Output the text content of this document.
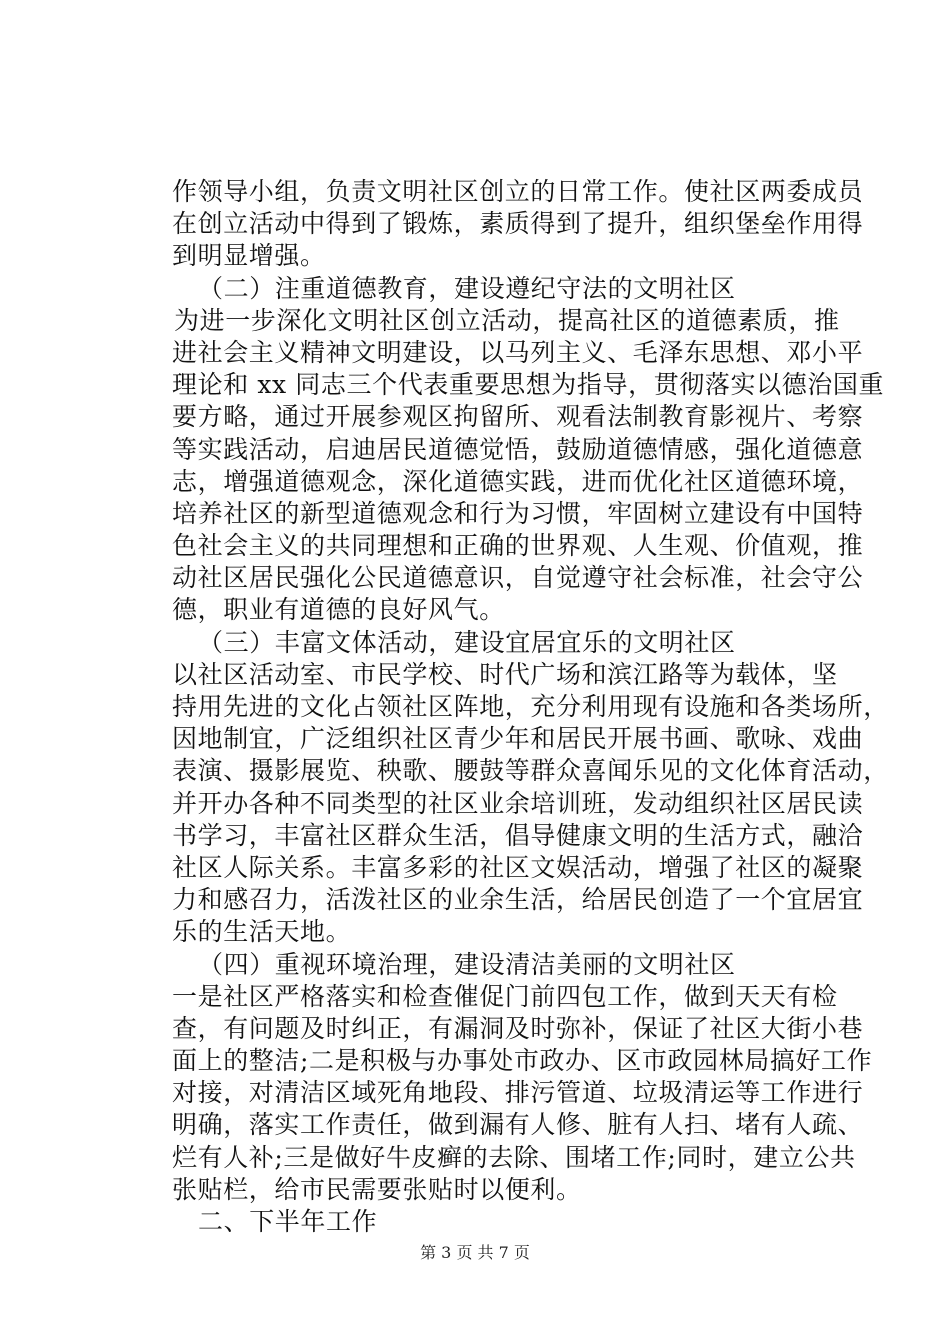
作领导小组，负责文明社区创立的日常工作。使社区两委成员
在创立活动中得到了锻炼，素质得到了提升，组织堡垒作用得
到明显增强。
（二）注重道德教育，建设遵纪守法的文明社区
为进一步深化文明社区创立活动，提高社区的道德素质，推
进社会主义精神文明建设，以马列主义、毛泽东思想、邓小平
理论和 xx 同志三个代表重要思想为指导，贯彻落实以德治国重
要方略，通过开展参观区拘留所、观看法制教育影视片、考察
等实践活动，启迪居民道德觉悟，鼓励道德情感，强化道德意
志，增强道德观念，深化道德实践，进而优化社区道德环境，
培养社区的新型道德观念和行为习惯，牢固树立建设有中国特
色社会主义的共同理想和正确的世界观、人生观、价值观，推
动社区居民强化公民道德意识，自觉遵守社会标准，社会守公
德，职业有道德的良好风气。
（三）丰富文体活动，建设宜居宜乐的文明社区
以社区活动室、市民学校、时代广场和滨江路等为载体，坚
持用先进的文化占领社区阵地，充分利用现有设施和各类场所，
因地制宜，广泛组织社区青少年和居民开展书画、歌咏、戏曲
表演、摄影展览、秧歌、腰鼓等群众喜闻乐见的文化体育活动，
并开办各种不同类型的社区业余培训班，发动组织社区居民读
书学习，丰富社区群众生活，倡导健康文明的生活方式，融洽
社区人际关系。丰富多彩的社区文娱活动，增强了社区的凝聚
力和感召力，活泼社区的业余生活，给居民创造了一个宜居宜
乐的生活天地。
（四）重视环境治理，建设清洁美丽的文明社区
一是社区严格落实和检查催促门前四包工作，做到天天有检
查，有问题及时纠正，有漏洞及时弥补，保证了社区大街小巷
面上的整洁;二是积极与办事处市政办、区市政园林局搞好工作
对接，对清洁区域死角地段、排污管道、垃圾清运等工作进行
明确，落实工作责任，做到漏有人修、脏有人扫、堵有人疏、
烂有人补;三是做好牛皮癣的去除、围堵工作;同时，建立公共
张贴栏，给市民需要张贴时以便利。
二、下半年工作
第 3 页 共 7 页
